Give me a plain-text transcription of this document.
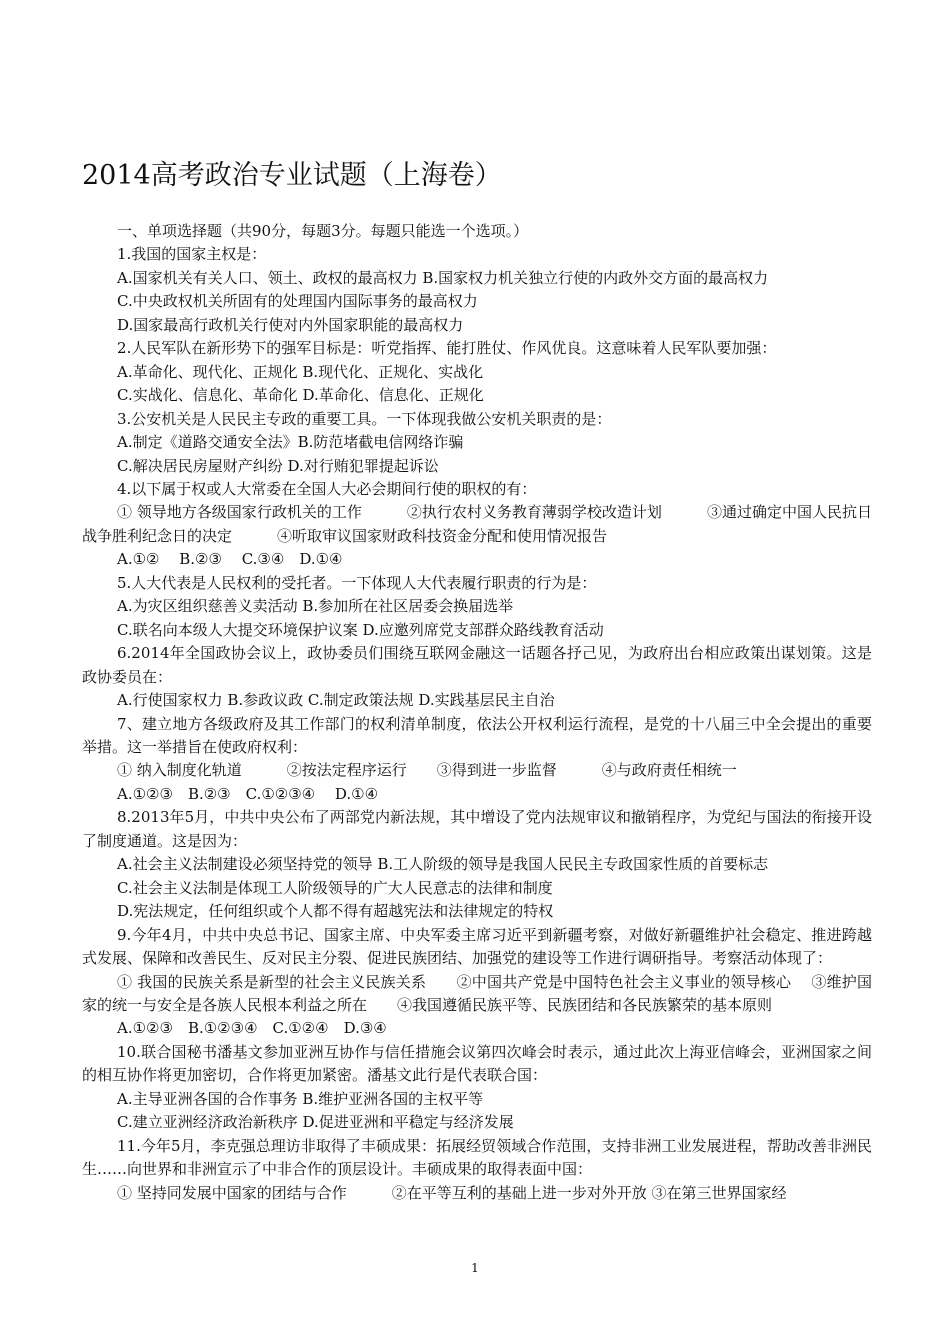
2014高考政治专业试题（上海卷）

一、单项选择题（共90分，每题3分。每题只能选一个选项。）

1.我国的国家主权是：

A.国家机关有关人口、领土、政权的最高权力 B.国家权力机关独立行使的内政外交方面的最高权力

C.中央政权机关所固有的处理国内国际事务的最高权力

D.国家最高行政机关行使对内外国家职能的最高权力

2.人民军队在新形势下的强军目标是：听党指挥、能打胜仗、作风优良。这意味着人民军队要加强：

A.革命化、现代化、正规化 B.现代化、正规化、实战化

C.实战化、信息化、革命化 D.革命化、信息化、正规化

3.公安机关是人民民主专政的重要工具。一下体现我做公安机关职责的是：

A.制定《道路交通安全法》B.防范堵截电信网络诈骗

C.解决居民房屋财产纠纷 D.对行贿犯罪提起诉讼

4.以下属于权或人大常委在全国人大必会期间行使的职权的有：

① 领导地方各级国家行政机关的工作　　　②执行农村义务教育薄弱学校改造计划　　　③通过确定中国人民抗日战争胜利纪念日的决定　　　④听取审议国家财政科技资金分配和使用情况报告

A.①②　 B.②③　 C.③④　D.①④

5.人大代表是人民权利的受托者。一下体现人大代表履行职责的行为是：

A.为灾区组织慈善义卖活动 B.参加所在社区居委会换届选举

C.联名向本级人大提交环境保护议案 D.应邀列席党支部群众路线教育活动

6.2014年全国政协会议上，政协委员们围绕互联网金融这一话题各抒己见，为政府出台相应政策出谋划策。这是政协委员在：

A.行使国家权力 B.参政议政 C.制定政策法规 D.实践基层民主自治

7、建立地方各级政府及其工作部门的权利清单制度，依法公开权利运行流程，是党的十八届三中全会提出的重要举措。这一举措旨在使政府权利：

① 纳入制度化轨道　　　②按法定程序运行　　③得到进一步监督　　　④与政府责任相统一

A.①②③　B.②③　C.①②③④　 D.①④

8.2013年5月，中共中央公布了两部党内新法规，其中增设了党内法规审议和撤销程序，为党纪与国法的衔接开设了制度通道。这是因为：

A.社会主义法制建设必须坚持党的领导 B.工人阶级的领导是我国人民民主专政国家性质的首要标志

C.社会主义法制是体现工人阶级领导的广大人民意志的法律和制度

D.宪法规定，任何组织或个人都不得有超越宪法和法律规定的特权

9.今年4月，中共中央总书记、国家主席、中央军委主席习近平到新疆考察，对做好新疆维护社会稳定、推进跨越式发展、保障和改善民生、反对民主分裂、促进民族团结、加强党的建设等工作进行调研指导。考察活动体现了：

① 我国的民族关系是新型的社会主义民族关系　　②中国共产党是中国特色社会主义事业的领导核心　 ③维护国家的统一与安全是各族人民根本利益之所在　　④我国遵循民族平等、民族团结和各民族繁荣的基本原则

A.①②③　B.①②③④　C.①②④　D.③④

10.联合国秘书潘基文参加亚洲互协作与信任措施会议第四次峰会时表示，通过此次上海亚信峰会，亚洲国家之间的相互协作将更加密切，合作将更加紧密。潘基文此行是代表联合国：

A.主导亚洲各国的合作事务 B.维护亚洲各国的主权平等

C.建立亚洲经济政治新秩序 D.促进亚洲和平稳定与经济发展

11.今年5月，李克强总理访非取得了丰硕成果：拓展经贸领域合作范围，支持非洲工业发展进程，帮助改善非洲民生……向世界和非洲宣示了中非合作的顶层设计。丰硕成果的取得表面中国：

① 坚持同发展中国家的团结与合作　　　②在平等互利的基础上进一步对外开放 ③在第三世界国家经

1
